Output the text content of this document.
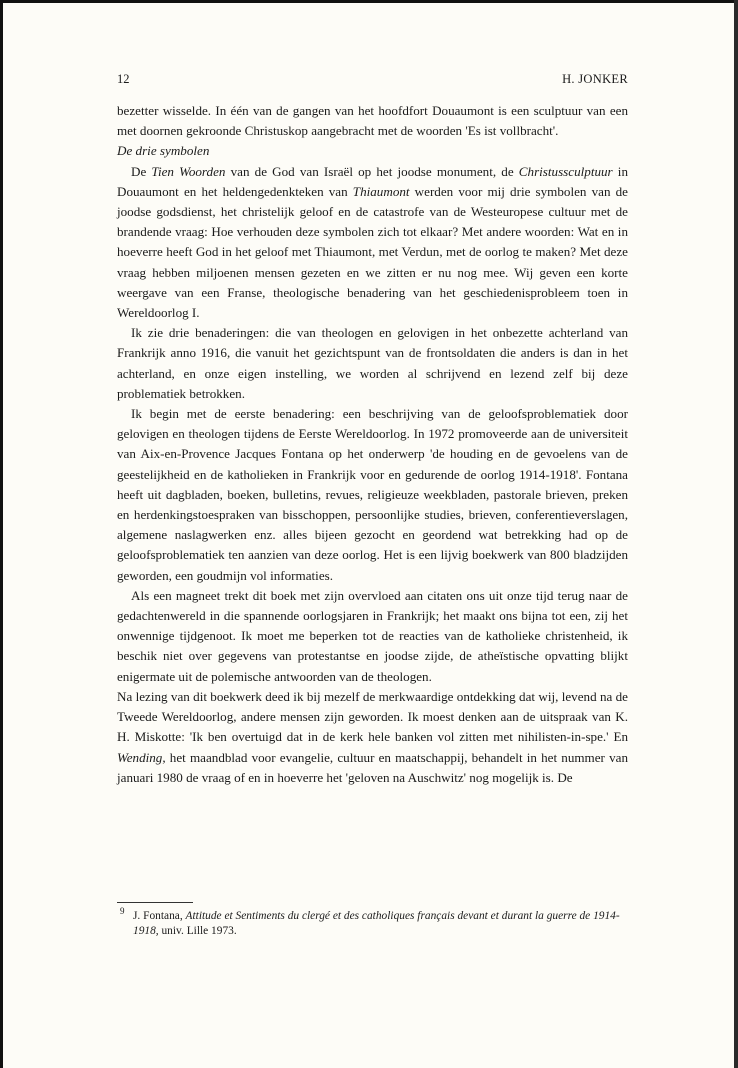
12	H. JONKER

bezetter wisselde. In één van de gangen van het hoofdfort Douaumont is een sculptuur van een met doornen gekroonde Christuskop aangebracht met de woorden 'Es ist vollbracht'.

De drie symbolen

De Tien Woorden van de God van Israël op het joodse monument, de Christussculptuur in Douaumont en het heldengedenkteken van Thiaumont werden voor mij drie symbolen van de joodse godsdienst, het christelijk geloof en de catastrofe van de Westeuropese cultuur met de brandende vraag: Hoe verhouden deze symbolen zich tot elkaar? Met andere woorden: Wat en in hoeverre heeft God in het geloof met Thiaumont, met Verdun, met de oorlog te maken? Met deze vraag hebben miljoenen mensen gezeten en we zitten er nu nog mee. Wij geven een korte weergave van een Franse, theologische benadering van het geschiedenisprobleem toen in Wereldoorlog I.

Ik zie drie benaderingen: die van theologen en gelovigen in het onbezette achterland van Frankrijk anno 1916, die vanuit het gezichtspunt van de frontsoldaten die anders is dan in het achterland, en onze eigen instelling, we worden al schrijvend en lezend zelf bij deze problematiek betrokken.

Ik begin met de eerste benadering: een beschrijving van de geloofsproblematiek door gelovigen en theologen tijdens de Eerste Wereldoorlog. In 1972 promoveerde aan de universiteit van Aix-en-Provence Jacques Fontana op het onderwerp 'de houding en de gevoelens van de geestelijkheid en de katholieken in Frankrijk voor en gedurende de oorlog 1914-1918'. Fontana heeft uit dagbladen, boeken, bulletins, revues, religieuze weekbladen, pastorale brieven, preken en herdenkingstoespraken van bisschoppen, persoonlijke studies, brieven, conferentieverslagen, algemene naslagwerken enz. alles bijeen gezocht en geordend wat betrekking had op de geloofsproblematiek ten aanzien van deze oorlog. Het is een lijvig boekwerk van 800 bladzijden geworden, een goudmijn vol informaties.

Als een magneet trekt dit boek met zijn overvloed aan citaten ons uit onze tijd terug naar de gedachtenwereld in die spannende oorlogsjaren in Frankrijk; het maakt ons bijna tot een, zij het onwennige tijdgenoot. Ik moet me beperken tot de reacties van de katholieke christenheid, ik beschik niet over gegevens van protestantse en joodse zijde, de atheïstische opvatting blijkt enigermate uit de polemische antwoorden van de theologen.

Na lezing van dit boekwerk deed ik bij mezelf de merkwaardige ontdekking dat wij, levend na de Tweede Wereldoorlog, andere mensen zijn geworden. Ik moest denken aan de uitspraak van K. H. Miskotte: 'Ik ben overtuigd dat in de kerk hele banken vol zitten met nihilisten-in-spe.' En Wending, het maandblad voor evangelie, cultuur en maatschappij, behandelt in het nummer van januari 1980 de vraag of en in hoeverre het 'geloven na Auschwitz' nog mogelijk is. De

9 J. Fontana, Attitude et Sentiments du clergé et des catholiques français devant et durant la guerre de 1914-1918, univ. Lille 1973.
